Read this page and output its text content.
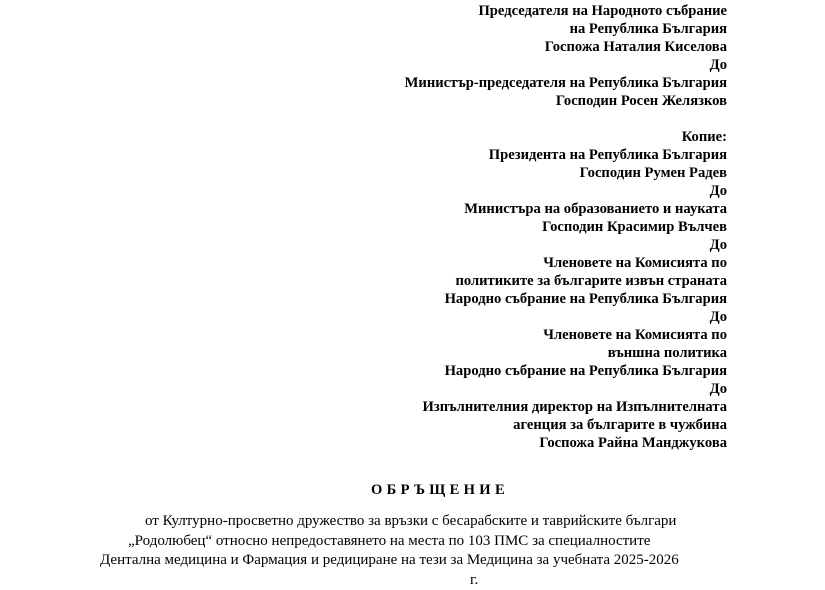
Председателя на Народното събрание
на Република България
Госпожа Наталия Киселова
До
Министър-председателя на Република България
Господин Росен Желязков
Копие:
Президента на Република България
Господин Румен Радев
До
Министъра на образованието и науката
Господин Красимир Вълчев
До
Членовете на Комисията по
политиките за българите извън страната
Народно събрание на Република България
До
Членовете на Комисията по
външна политика
Народно събрание на Република България
До
Изпълнителния директор на Изпълнителната
агенция за българите в чужбина
Госпожа Райна Манджукова
ОБРЪЩЕНИЕ
от Културно-просветно дружество за връзки с бесарабските и таврийските българи
„Родолюбец“ относно непредоставянето на места по 103 ПМС за специалностите
Дентална медицина и Фармация и редициране на тези за Медицина за учебната 2025-2026
г.
